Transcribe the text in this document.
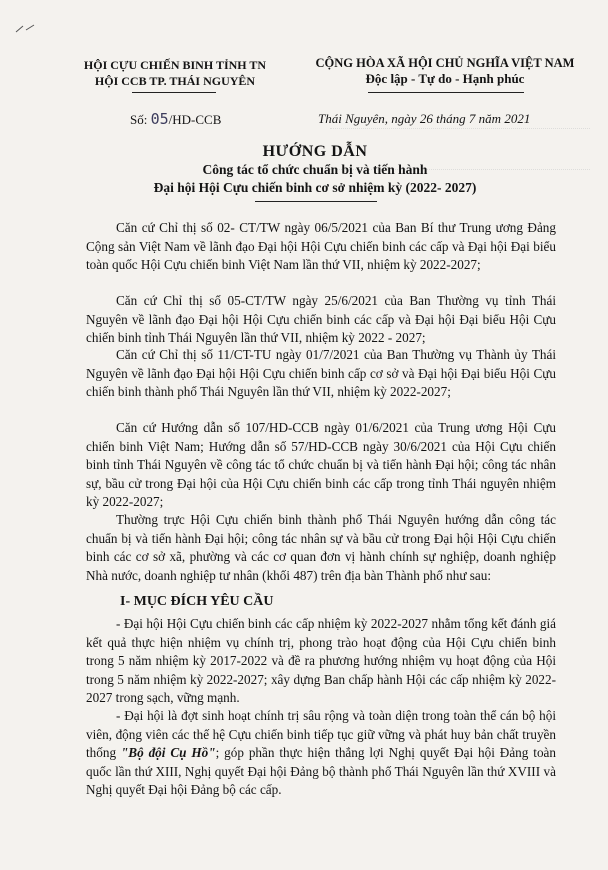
HỘI CỰU CHIẾN BINH TỈNH TN
HỘI CCB TP. THÁI NGUYÊN
CỘNG HÒA XÃ HỘI CHỦ NGHĨA VIỆT NAM
Độc lập - Tự do - Hạnh phúc
Số: 05/HD-CCB	Thái Nguyên, ngày 26 tháng 7 năm 2021
HƯỚNG DẪN
Công tác tổ chức chuẩn bị và tiến hành
Đại hội Hội Cựu chiến binh cơ sở nhiệm kỳ (2022- 2027)
Căn cứ Chỉ thị số 02- CT/TW ngày 06/5/2021 của Ban Bí thư Trung ương Đảng Cộng sản Việt Nam về lãnh đạo Đại hội Hội Cựu chiến binh các cấp và Đại hội Đại biểu toàn quốc Hội Cựu chiến binh Việt Nam lần thứ VII, nhiệm kỳ 2022-2027;
Căn cứ Chỉ thị số 05-CT/TW ngày 25/6/2021 của Ban Thường vụ tỉnh Thái Nguyên về lãnh đạo Đại hội Hội Cựu chiến binh các cấp và Đại hội Đại biểu Hội Cựu chiến binh tỉnh Thái Nguyên lần thứ VII, nhiệm kỳ 2022 - 2027;
Căn cứ Chỉ thị số 11/CT-TU ngày 01/7/2021 của Ban Thường vụ Thành ủy Thái Nguyên về lãnh đạo Đại hội Hội Cựu chiến binh cấp cơ sở và Đại hội Đại biểu Hội Cựu chiến binh thành phố Thái Nguyên lần thứ VII, nhiệm kỳ 2022-2027;
Căn cứ Hướng dẫn số 107/HD-CCB ngày 01/6/2021 của Trung ương Hội Cựu chiến binh Việt Nam; Hướng dẫn số 57/HD-CCB ngày 30/6/2021 của Hội Cựu chiến binh tỉnh Thái Nguyên về công tác tổ chức chuẩn bị và tiến hành Đại hội; công tác nhân sự, bầu cử trong Đại hội của Hội Cựu chiến binh các cấp trong tỉnh Thái nguyên nhiệm kỳ 2022-2027;
Thường trực Hội Cựu chiến binh thành phố Thái Nguyên hướng dẫn công tác chuẩn bị và tiến hành Đại hội; công tác nhân sự và bầu cử trong Đại hội Hội Cựu chiến binh các cơ sở xã, phường và các cơ quan đơn vị hành chính sự nghiệp, doanh nghiệp Nhà nước, doanh nghiệp tư nhân (khối 487) trên địa bàn Thành phố như sau:
I- MỤC ĐÍCH YÊU CẦU
- Đại hội Hội Cựu chiến binh các cấp nhiệm kỳ 2022-2027 nhằm tổng kết đánh giá kết quả thực hiện nhiệm vụ chính trị, phong trào hoạt động của Hội Cựu chiến binh trong 5 năm nhiệm kỳ 2017-2022 và đề ra phương hướng nhiệm vụ hoạt động của Hội trong 5 năm nhiệm kỳ 2022-2027; xây dựng Ban chấp hành Hội các cấp nhiệm kỳ 2022-2027 trong sạch, vững mạnh.
- Đại hội là đợt sinh hoạt chính trị sâu rộng và toàn diện trong toàn thể cán bộ hội viên, động viên các thế hệ Cựu chiến binh tiếp tục giữ vững và phát huy bản chất truyền thống "Bộ đội Cụ Hồ"; góp phần thực hiện thắng lợi Nghị quyết Đại hội Đảng toàn quốc lần thứ XIII, Nghị quyết Đại hội Đảng bộ thành phố Thái Nguyên lần thứ XVIII và Nghị quyết Đại hội Đảng bộ các cấp.
